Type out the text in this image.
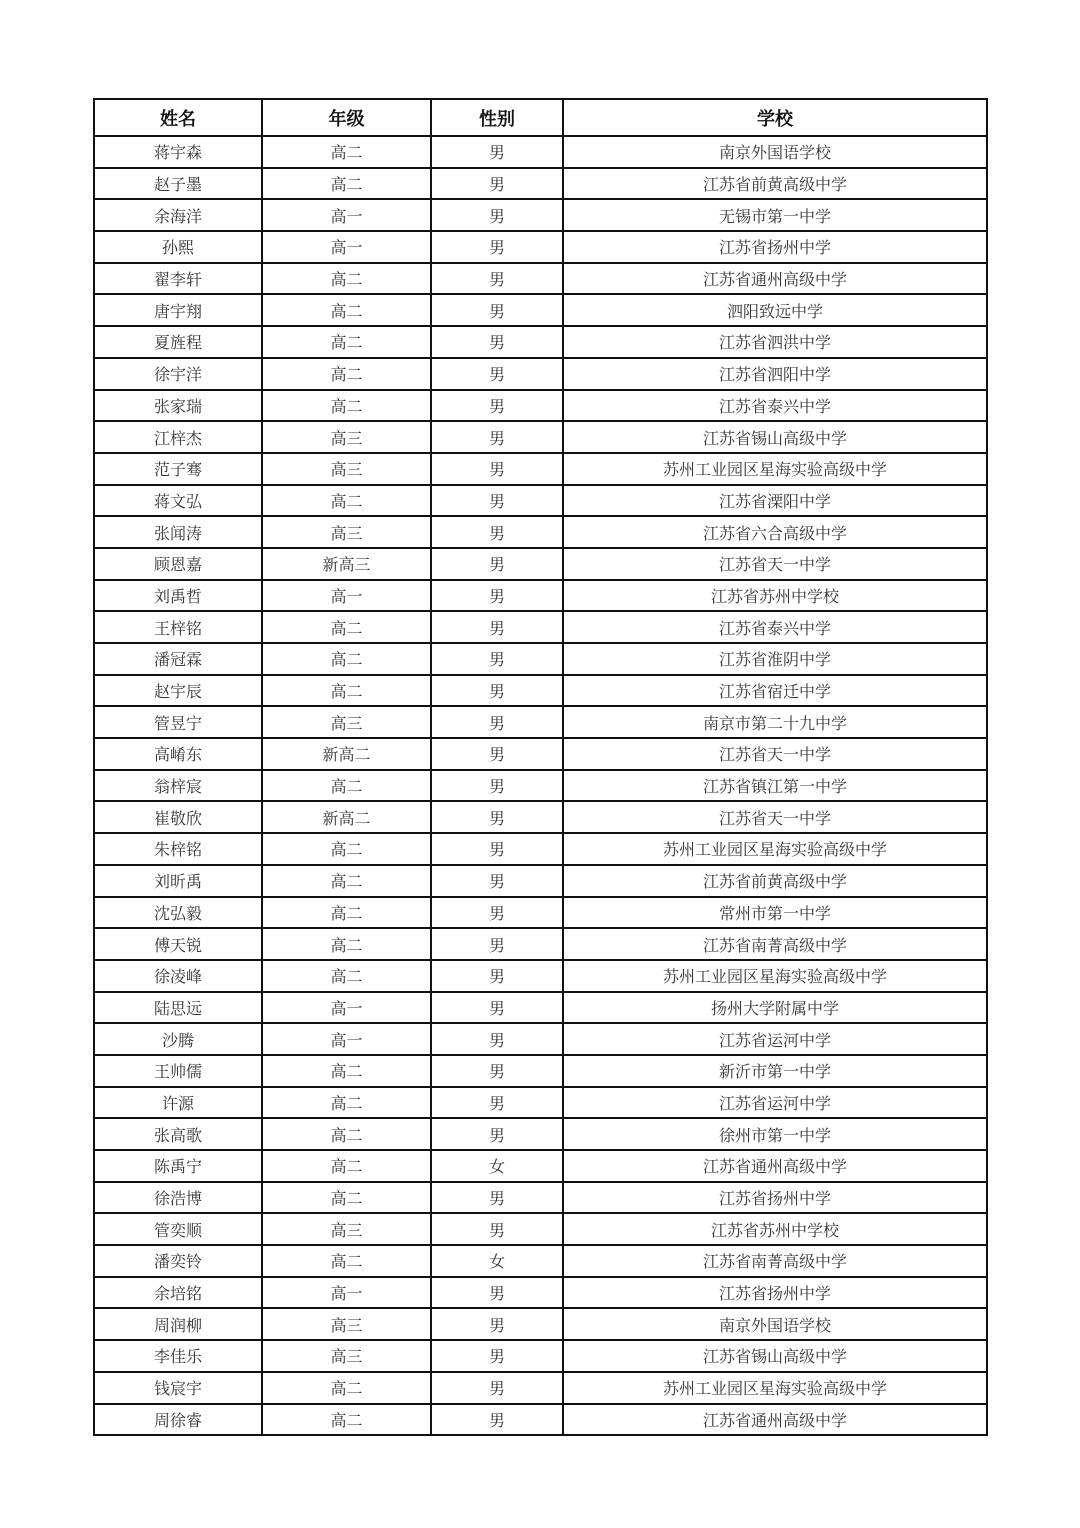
姓名	年级	性别	学校
蒋宇森	高二	男	南京外国语学校
赵子墨	高二	男	江苏省前黄高级中学
余海洋	高一	男	无锡市第一中学
孙熙	高一	男	江苏省扬州中学
翟李轩	高二	男	江苏省通州高级中学
唐宇翔	高二	男	泗阳致远中学
夏旌程	高二	男	江苏省泗洪中学
徐宇洋	高二	男	江苏省泗阳中学
张家瑞	高二	男	江苏省泰兴中学
江梓杰	高三	男	江苏省锡山高级中学
范子骞	高三	男	苏州工业园区星海实验高级中学
蒋文弘	高二	男	江苏省溧阳中学
张闻涛	高三	男	江苏省六合高级中学
顾恩嘉	新高三	男	江苏省天一中学
刘禹哲	高一	男	江苏省苏州中学校
王梓铭	高二	男	江苏省泰兴中学
潘冠霖	高二	男	江苏省淮阴中学
赵宇辰	高二	男	江苏省宿迁中学
管昱宁	高三	男	南京市第二十九中学
高崤东	新高二	男	江苏省天一中学
翁梓宸	高二	男	江苏省镇江第一中学
崔敬欣	新高二	男	江苏省天一中学
朱梓铭	高二	男	苏州工业园区星海实验高级中学
刘昕禹	高二	男	江苏省前黄高级中学
沈弘毅	高二	男	常州市第一中学
傅天锐	高二	男	江苏省南菁高级中学
徐凌峰	高二	男	苏州工业园区星海实验高级中学
陆思远	高一	男	扬州大学附属中学
沙腾	高一	男	江苏省运河中学
王帅儒	高二	男	新沂市第一中学
许源	高二	男	江苏省运河中学
张高歌	高二	男	徐州市第一中学
陈禹宁	高二	女	江苏省通州高级中学
徐浩博	高二	男	江苏省扬州中学
管奕顺	高三	男	江苏省苏州中学校
潘奕铃	高二	女	江苏省南菁高级中学
余培铭	高一	男	江苏省扬州中学
周润柳	高三	男	南京外国语学校
李佳乐	高三	男	江苏省锡山高级中学
钱宸宇	高二	男	苏州工业园区星海实验高级中学
周徐睿	高二	男	江苏省通州高级中学
